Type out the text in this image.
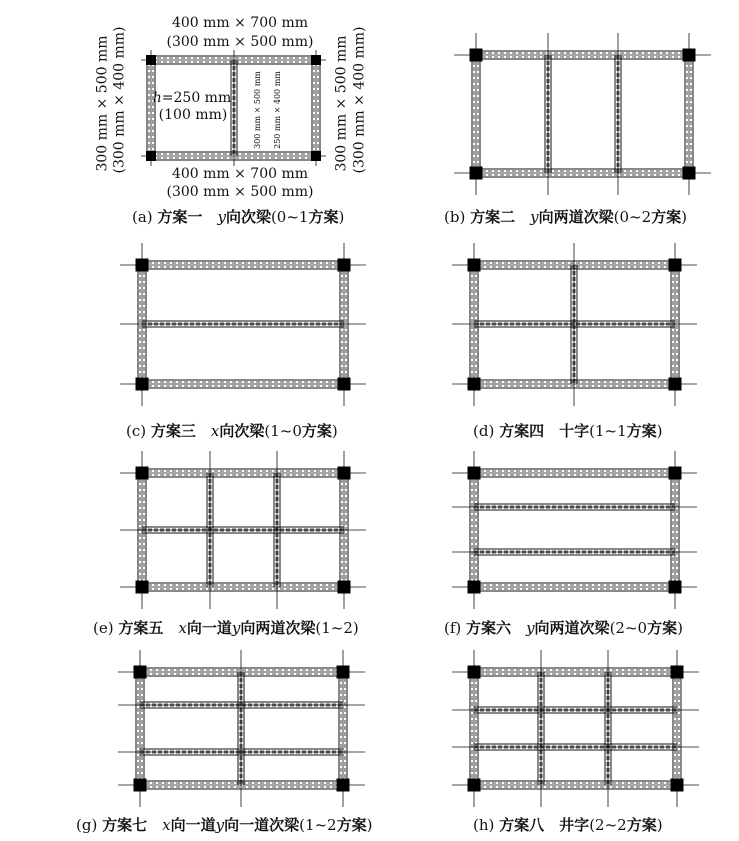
400 mm × 700 mm
(300 mm × 500 mm)
400 mm × 700 mm
(300 mm × 500 mm)
300 mm × 500 mm (300 mm × 400 mm)	300 mm × 500 mm (300 mm × 400 mm)
h=250 mm
(100 mm)	300 mm × 500 mm 250 mm × 400 mm
(a) 方案一　 y向次梁(0~1方案)	(b) 方案二　 y向两道次梁(0~2方案)
(c) 方案三　 x向次梁(1~0方案)	(d) 方案四　 十字(1~1方案)
(e) 方案五　 x向一道y向两道次梁(1~2)	(f) 方案六　 y向两道次梁(2~0方案)
(g) 方案七　 x向一道y向一道次梁(1~2方案)	(h) 方案八　 井字(2~2方案)
